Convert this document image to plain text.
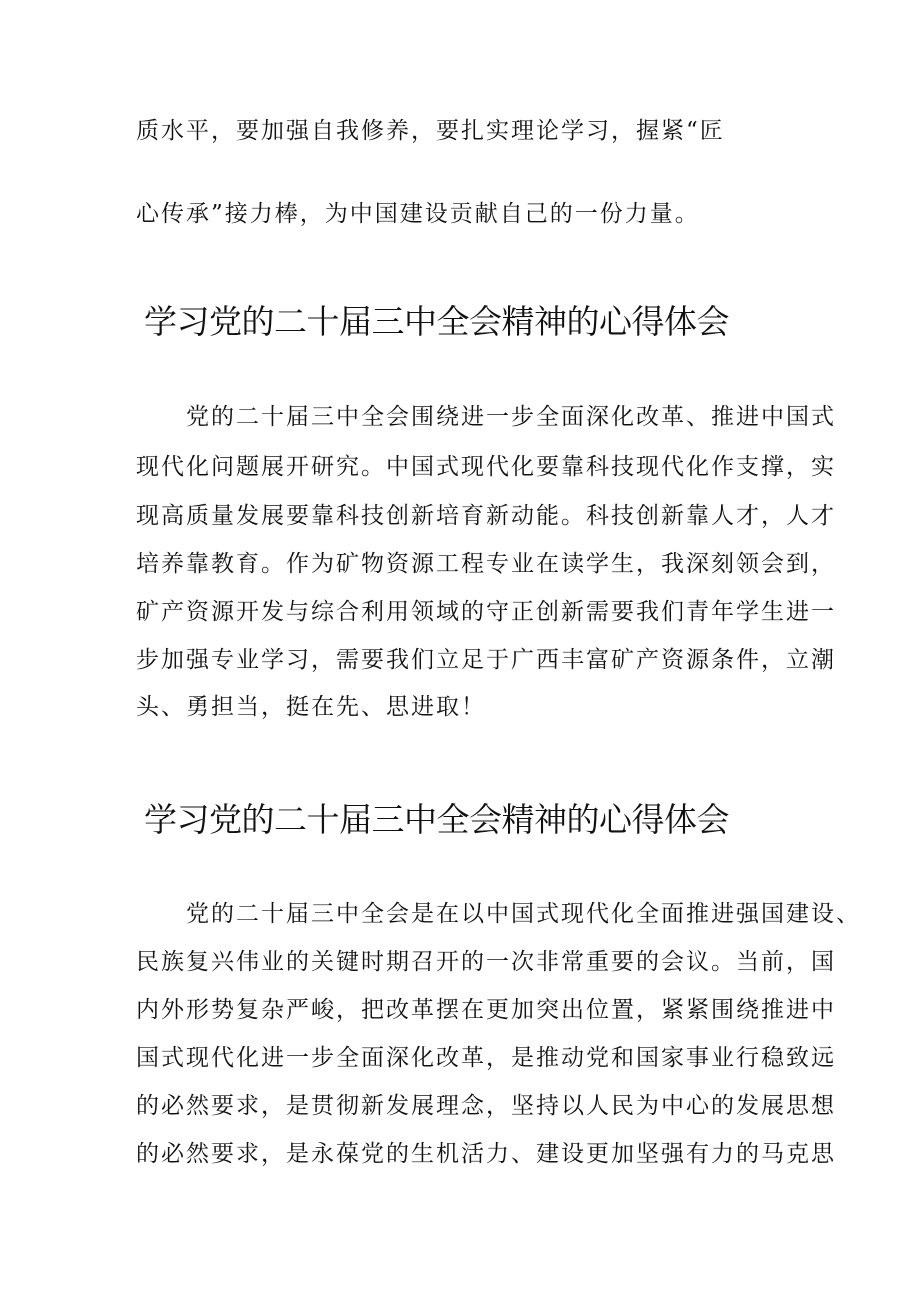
质水平，要加强自我修养，要扎实理论学习，握紧“匠

心传承”接力棒，为中国建设贡献自己的一份力量。

学习党的二十届三中全会精神的心得体会

　　党的二十届三中全会围绕进一步全面深化改革、推进中国式

现代化问题展开研究。中国式现代化要靠科技现代化作支撑，实

现高质量发展要靠科技创新培育新动能。科技创新靠人才，人才

培养靠教育。作为矿物资源工程专业在读学生，我深刻领会到，

矿产资源开发与综合利用领域的守正创新需要我们青年学生进一

步加强专业学习，需要我们立足于广西丰富矿产资源条件，立潮

头、勇担当，挺在先、思进取！

学习党的二十届三中全会精神的心得体会

　　党的二十届三中全会是在以中国式现代化全面推进强国建设、

民族复兴伟业的关键时期召开的一次非常重要的会议。当前，国

内外形势复杂严峻，把改革摆在更加突出位置，紧紧围绕推进中

国式现代化进一步全面深化改革，是推动党和国家事业行稳致远

的必然要求，是贯彻新发展理念，坚持以人民为中心的发展思想

的必然要求，是永葆党的生机活力、建设更加坚强有力的马克思
